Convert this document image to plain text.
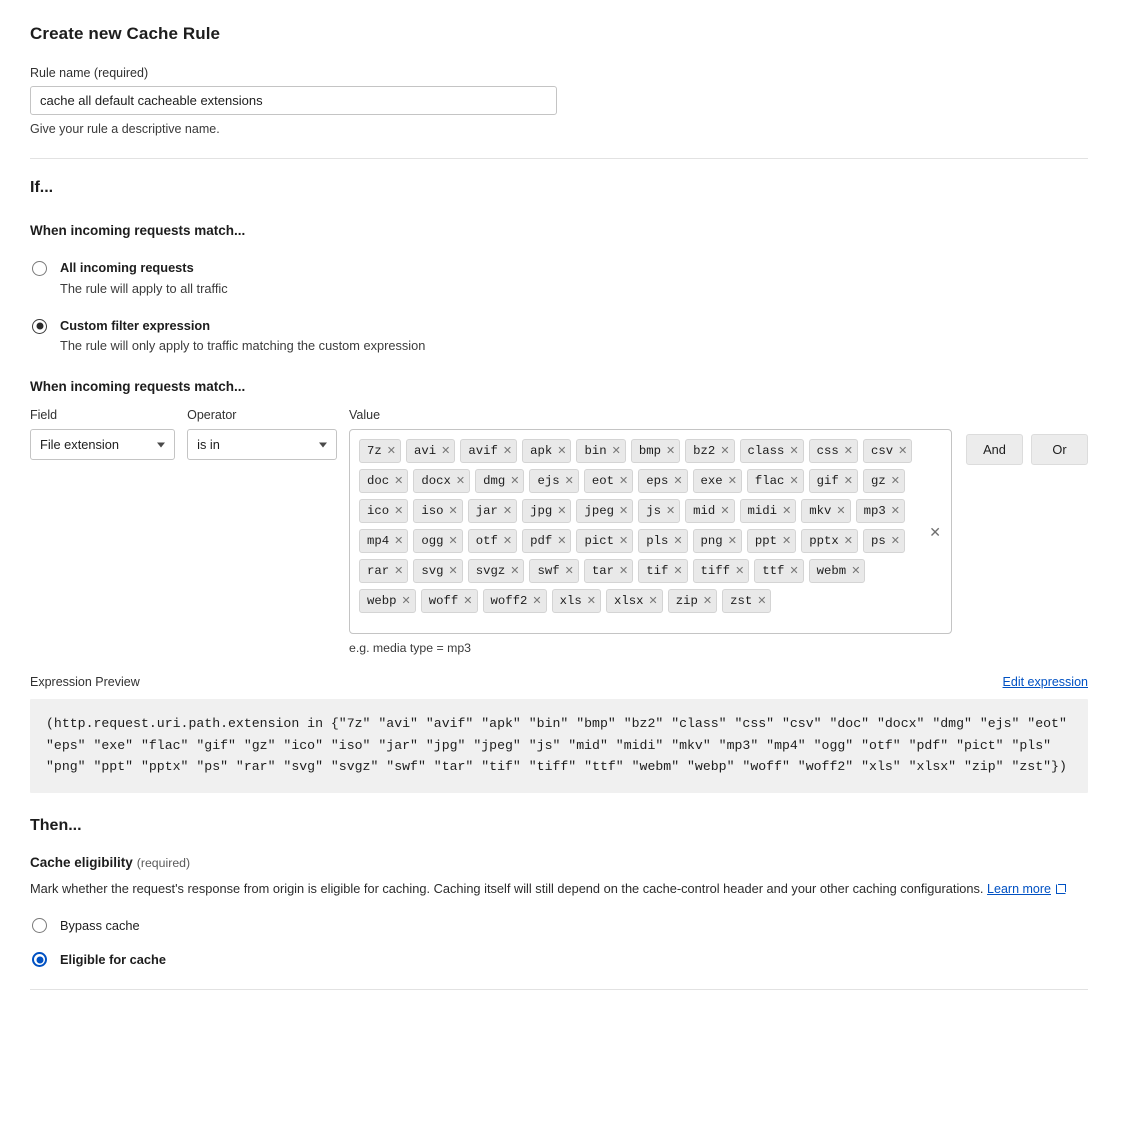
Create new Cache Rule
Rule name (required)
cache all default cacheable extensions
Give your rule a descriptive name.
If...
When incoming requests match...
All incoming requests
The rule will apply to all traffic
Custom filter expression
The rule will only apply to traffic matching the custom expression
When incoming requests match...
Field
File extension
Operator
is in
Value
7z ✕ avi ✕ avif ✕ apk ✕ bin ✕ bmp ✕ bz2 ✕ class ✕ css ✕ csv ✕
doc ✕ docx ✕ dmg ✕ ejs ✕ eot ✕ eps ✕ exe ✕ flac ✕ gif ✕ gz ✕
ico ✕ iso ✕ jar ✕ jpg ✕ jpeg ✕ js ✕ mid ✕ midi ✕ mkv ✕ mp3 ✕
mp4 ✕ ogg ✕ otf ✕ pdf ✕ pict ✕ pls ✕ png ✕ ppt ✕ pptx ✕ ps ✕
rar ✕ svg ✕ svgz ✕ swf ✕ tar ✕ tif ✕ tiff ✕ ttf ✕ webm ✕
webp ✕ woff ✕ woff2 ✕ xls ✕ xlsx ✕ zip ✕ zst ✕
✕
e.g. media type = mp3
And	Or
Expression Preview	Edit expression
(http.request.uri.path.extension in {"7z" "avi" "avif" "apk" "bin" "bmp" "bz2" "class" "css" "csv" "doc" "docx" "dmg" "ejs" "eot" "eps" "exe" "flac" "gif" "gz" "ico" "iso" "jar" "jpg" "jpeg" "js" "mid" "midi" "mkv" "mp3" "mp4" "ogg" "otf" "pdf" "pict" "pls" "png" "ppt" "pptx" "ps" "rar" "svg" "svgz" "swf" "tar" "tif" "tiff" "ttf" "webm" "webp" "woff" "woff2" "xls" "xlsx" "zip" "zst"})
Then...
Cache eligibility (required)
Mark whether the request's response from origin is eligible for caching. Caching itself will still depend on the cache-control header and your other caching configurations. Learn more
Bypass cache
Eligible for cache
